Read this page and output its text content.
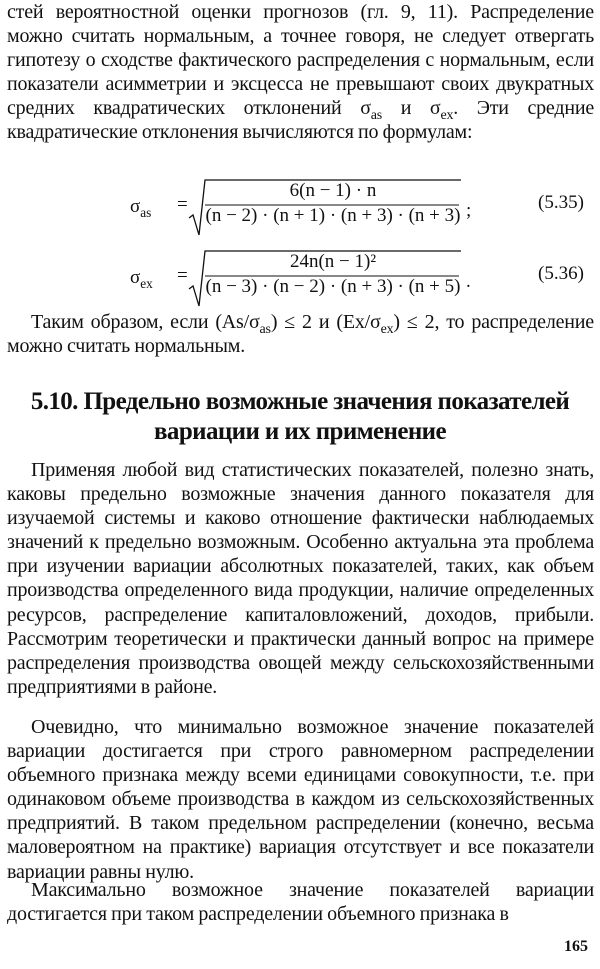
стей вероятностной оценки прогнозов (гл. 9, 11). Распределение можно считать нормальным, а точнее говоря, не следует отвергать гипотезу о сходстве фактического распределения с нормальным, если показатели асимметрии и эксцесса не превышают своих двукратных средних квадратических отклонений $\sigma_{as}$ и $\sigma_{ex}$. Эти средние квадратические отклонения вычисляются по формулам:

$\sigma_{as}$ =
6(n − 1) · n
(n − 2) · (n + 1) · (n + 3) · (n + 3) ;	(5.35)
$\sigma_{ex}$ =
24n(n − 1)²
(n − 3) · (n − 2) · (n + 3) · (n + 5) .	(5.36)

Таким образом, если $(As/\sigma_{as}) \le 2$ и $(Ex/\sigma_{ex}) \le 2$, то распределение можно считать нормальным.

5.10. Предельно возможные значения показателей
вариации и их применение

Применяя любой вид статистических показателей, полезно знать, каковы предельно возможные значения данного показателя для изучаемой системы и каково отношение фактически наблюдаемых значений к предельно возможным. Особенно актуальна эта проблема при изучении вариации абсолютных показателей, таких, как объем производства определенного вида продукции, наличие определенных ресурсов, распределение капиталовложений, доходов, прибыли. Рассмотрим теоретически и практически данный вопрос на примере распределения производства овощей между сельскохозяйственными предприятиями в районе.

Очевидно, что минимально возможное значение показателей вариации достигается при строго равномерном распределении объемного признака между всеми единицами совокупности, т.е. при одинаковом объеме производства в каждом из сельскохозяйственных предприятий. В таком предельном распределении (конечно, весьма маловероятном на практике) вариация отсутствует и все показатели вариации равны нулю.

Максимально возможное значение показателей вариации достигается при таком распределении объемного признака в

165
